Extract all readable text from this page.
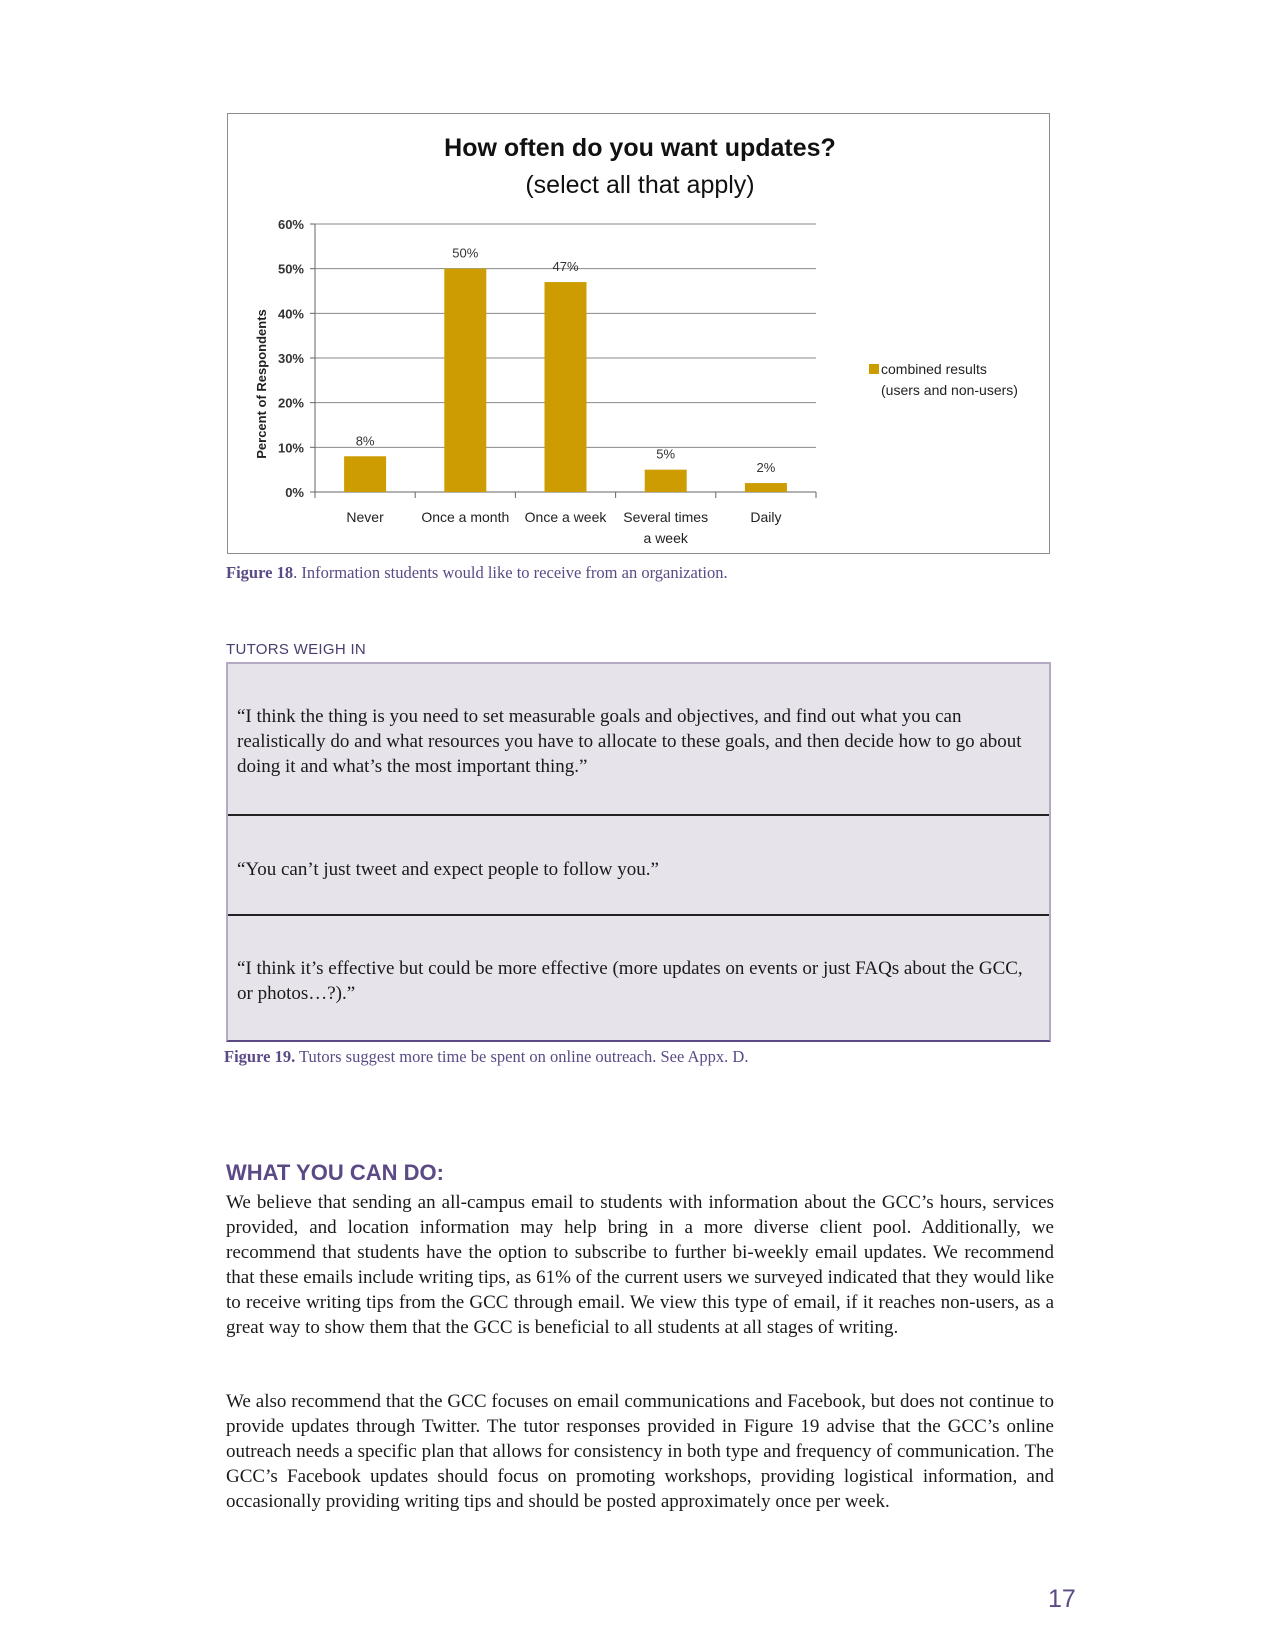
How often do you want updates?
(select all that apply)
0%
10%
20%
30%
40%
50%
60%
8%
Never
50%
Once a month
47%
Once a week
5%
Several times
a week
2%
Daily
Percent of Respondents	combined results
(users and non-users)
Figure 18. Information students would like to receive from an organization.
TUTORS WEIGH IN
“I think the thing is you need to set measurable goals and objectives, and find out what you can realistically do and what resources you have to allocate to these goals, and then decide how to go about doing it and what’s the most important thing.”
“You can’t just tweet and expect people to follow you.”
“I think it’s effective but could be more effective (more updates on events or just FAQs about the GCC, or photos…?).”
Figure 19. Tutors suggest more time be spent on online outreach. See Appx. D.
WHAT YOU CAN DO:
We believe that sending an all-campus email to students with information about the GCC’s hours, services provided, and location information may help bring in a more diverse client pool. Additionally, we recommend that students have the option to subscribe to further bi-weekly email updates. We recommend that these emails include writing tips, as 61% of the current users we surveyed indicated that they would like to receive writing tips from the GCC through email. We view this type of email, if it reaches non-users, as a great way to show them that the GCC is beneficial to all students at all stages of writing.
We also recommend that the GCC focuses on email communications and Facebook, but does not continue to provide updates through Twitter. The tutor responses provided in Figure 19 advise that the GCC’s online outreach needs a specific plan that allows for consistency in both type and frequency of communication. The GCC’s Facebook updates should focus on promoting workshops, providing logistical information, and occasionally providing writing tips and should be posted approximately once per week.
17
